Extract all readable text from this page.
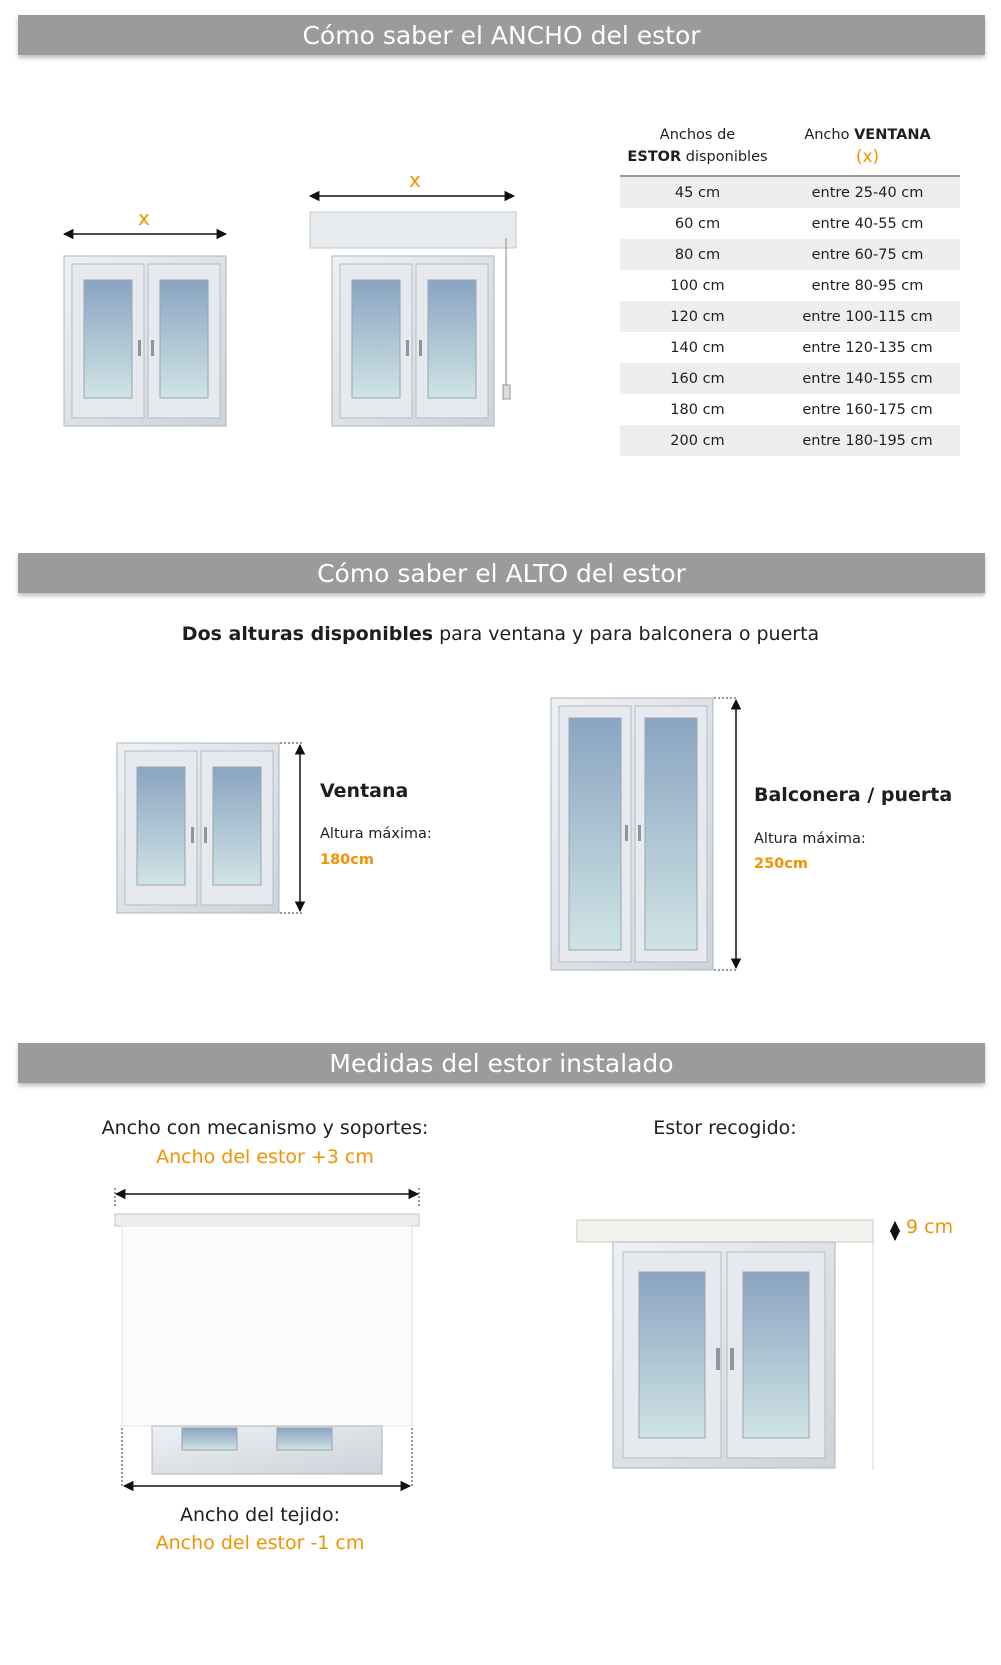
Cómo saber el ANCHO del estor
x
x
Anchos de
ESTOR disponibles	Ancho VENTANA
(x)
45 cm	entre 25-40 cm
60 cm	entre 40-55 cm
80 cm	entre 60-75 cm
100 cm	entre 80-95 cm
120 cm	entre 100-115 cm
140 cm	entre 120-135 cm
160 cm	entre 140-155 cm
180 cm	entre 160-175 cm
200 cm	entre 180-195 cm
Cómo saber el ALTO del estor
Dos alturas disponibles para ventana y para balconera o puerta
Ventana
Altura máxima:
180cm
Balconera / puerta
Altura máxima:
250cm
Medidas del estor instalado
Ancho con mecanismo y soportes:
Ancho del estor +3 cm
Estor recogido:
9 cm
Ancho del tejido:
Ancho del estor -1 cm
